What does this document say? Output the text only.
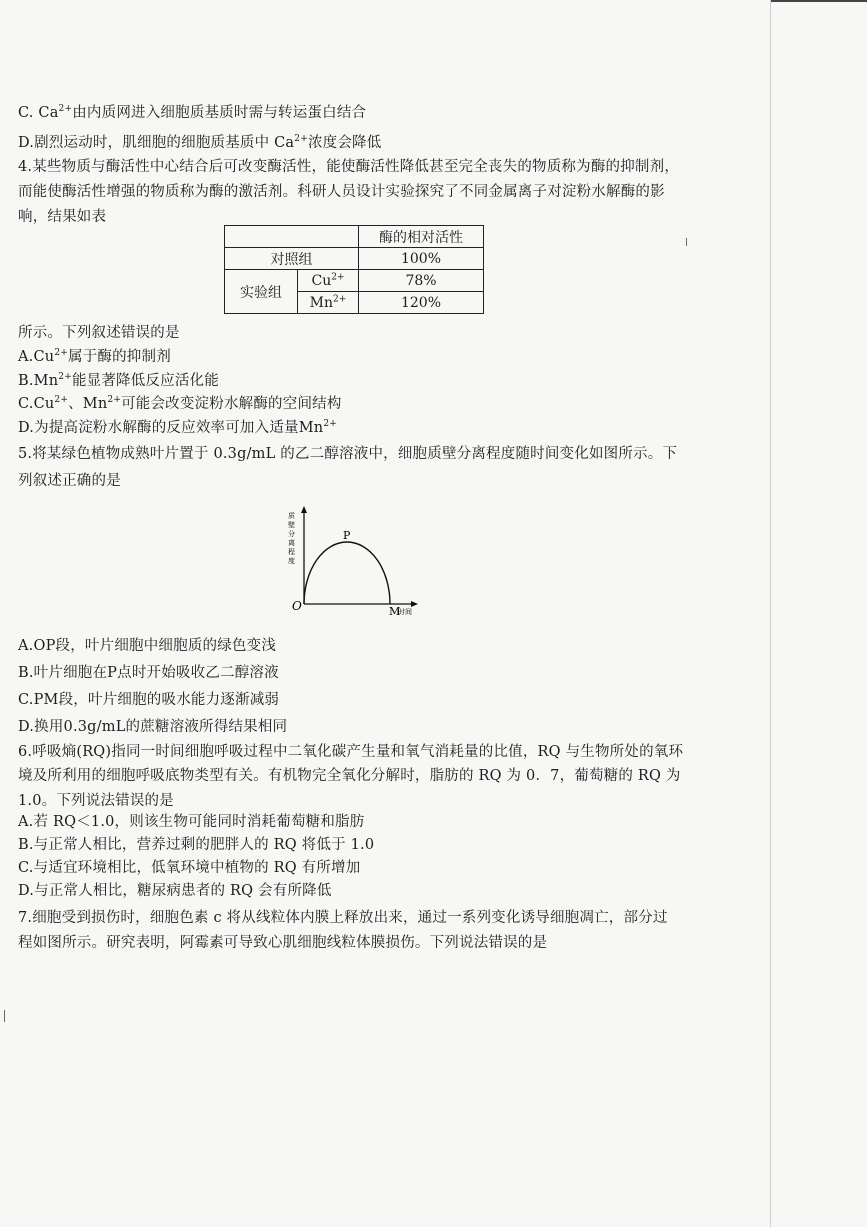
C. $Ca^{2+}$由内质网进入细胞质基质时需与转运蛋白结合
D.剧烈运动时，肌细胞的细胞质基质中 $Ca^{2+}$浓度会降低
4.某些物质与酶活性中心结合后可改变酶活性，能使酶活性降低甚至完全丧失的物质称为酶的抑制剂，
而能使酶活性增强的物质称为酶的激活剂。科研人员设计实验探究了不同金属离子对淀粉水解酶的影
响，结果如表
		酶的相对活性
对照组		100%
实验组	$Cu^{2+}$	78%
	$Mn^{2+}$	120%
所示。下列叙述错误的是
$A.Cu^{2+}$属于酶的抑制剂
$B.Mn^{2+}$能显著降低反应活化能
$C.Cu^{2+}$、$Mn^{2+}$可能会改变淀粉水解酶的空间结构
D.为提高淀粉水解酶的反应效率可加入适量$Mn^{2+}$
5.将某绿色植物成熟叶片置于 0.3g/mL 的乙二醇溶液中，细胞质壁分离程度随时间变化如图所示。下
列叙述正确的是
质
壁
分
离
程
度
O
P
M
时间
A.OP段，叶片细胞中细胞质的绿色变浅
B.叶片细胞在P点时开始吸收乙二醇溶液
C.PM段，叶片细胞的吸水能力逐渐减弱
D.换用0.3g/mL的蔗糖溶液所得结果相同
6.呼吸熵(RQ)指同一时间细胞呼吸过程中二氧化碳产生量和氧气消耗量的比值，RQ 与生物所处的氧环
境及所利用的细胞呼吸底物类型有关。有机物完全氧化分解时，脂肪的 RQ 为 0．7，葡萄糖的 RQ 为
1.0。下列说法错误的是
A.若 RQ＜1.0，则该生物可能同时消耗葡萄糖和脂肪
B.与正常人相比，营养过剩的肥胖人的 RQ 将低于 1.0
C.与适宜环境相比，低氧环境中植物的 RQ 有所增加
D.与正常人相比，糖尿病患者的 RQ 会有所降低
7.细胞受到损伤时，细胞色素 c 将从线粒体内膜上释放出来，通过一系列变化诱导细胞凋亡，部分过
程如图所示。研究表明，阿霉素可导致心肌细胞线粒体膜损伤。下列说法错误的是
